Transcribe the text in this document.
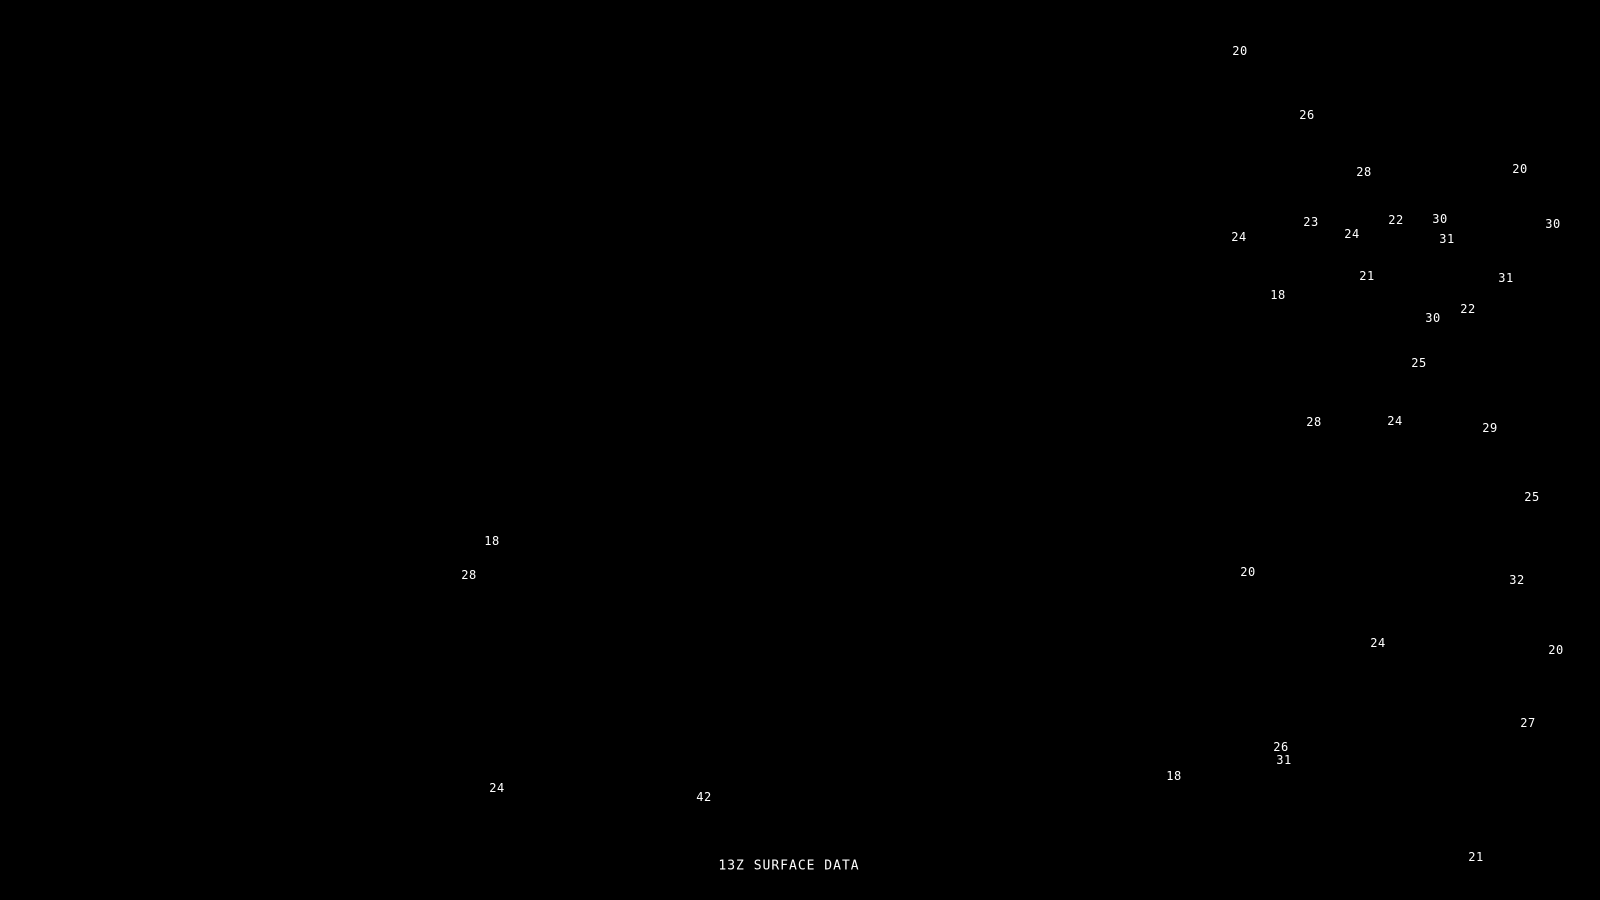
20
26
28	20
23	22 30	30
24	24	31
21	31
18
22
30
25
28	24	29
25
18
28	20
32
24	20
27
26
31
18
24
42
21
13Z SURFACE DATA
